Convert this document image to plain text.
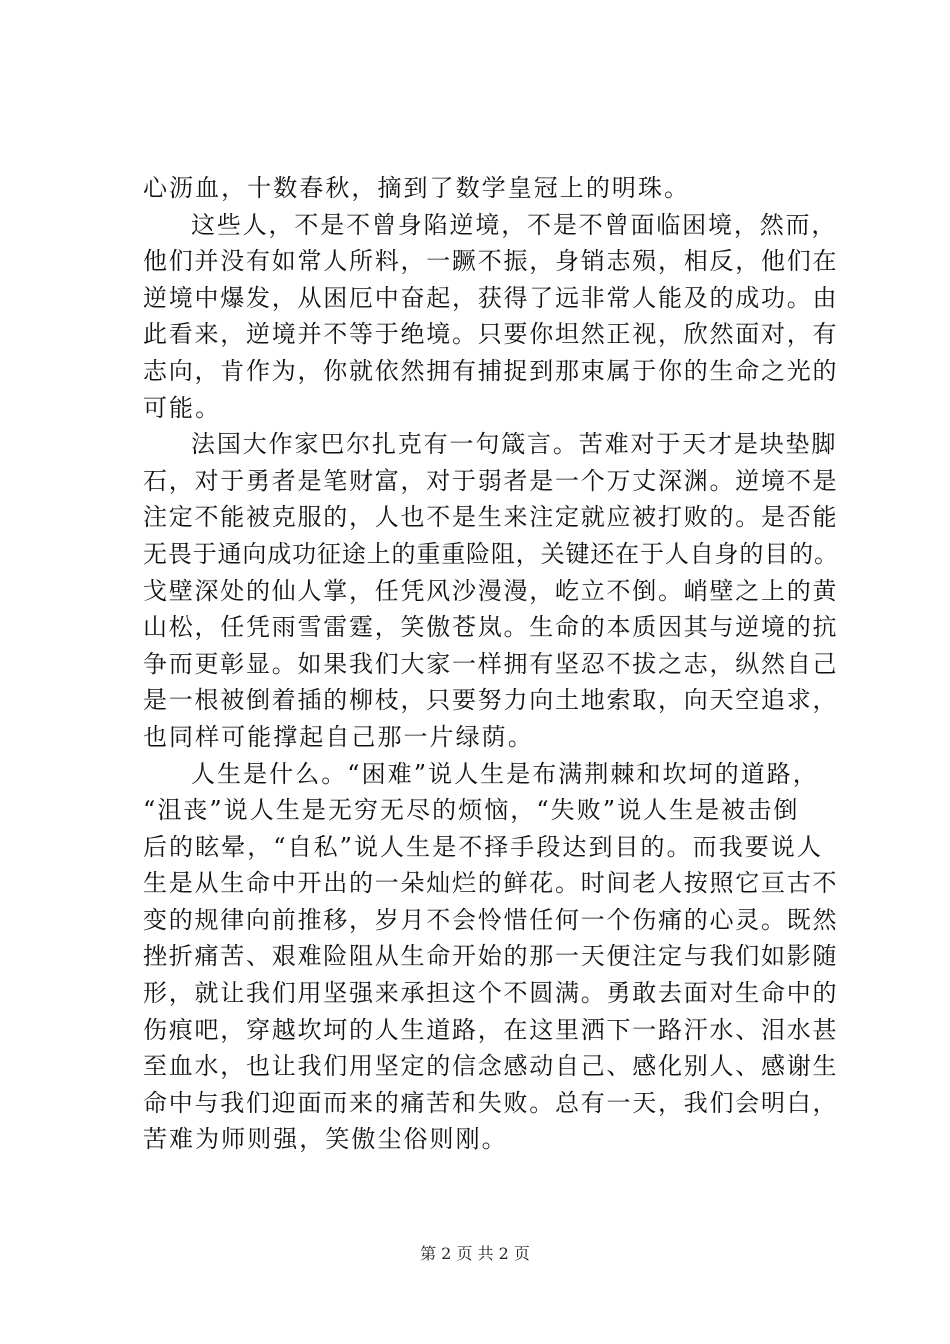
心沥血，十数春秋，摘到了数学皇冠上的明珠。
这些人，不是不曾身陷逆境，不是不曾面临困境，然而，
他们并没有如常人所料，一蹶不振，身销志殒，相反，他们在
逆境中爆发，从困厄中奋起，获得了远非常人能及的成功。由
此看来，逆境并不等于绝境。只要你坦然正视，欣然面对，有
志向，肯作为，你就依然拥有捕捉到那束属于你的生命之光的
可能。
法国大作家巴尔扎克有一句箴言。苦难对于天才是块垫脚
石，对于勇者是笔财富，对于弱者是一个万丈深渊。逆境不是
注定不能被克服的，人也不是生来注定就应被打败的。是否能
无畏于通向成功征途上的重重险阻，关键还在于人自身的目的。
戈壁深处的仙人掌，任凭风沙漫漫，屹立不倒。峭壁之上的黄
山松，任凭雨雪雷霆，笑傲苍岚。生命的本质因其与逆境的抗
争而更彰显。如果我们大家一样拥有坚忍不拔之志，纵然自己
是一根被倒着插的柳枝，只要努力向土地索取，向天空追求，
也同样可能撑起自己那一片绿荫。
人生是什么。“困难”说人生是布满荆棘和坎坷的道路，
“沮丧”说人生是无穷无尽的烦恼，“失败”说人生是被击倒
后的眩晕，“自私”说人生是不择手段达到目的。而我要说人
生是从生命中开出的一朵灿烂的鲜花。时间老人按照它亘古不
变的规律向前推移，岁月不会怜惜任何一个伤痛的心灵。既然
挫折痛苦、艰难险阻从生命开始的那一天便注定与我们如影随
形，就让我们用坚强来承担这个不圆满。勇敢去面对生命中的
伤痕吧，穿越坎坷的人生道路，在这里洒下一路汗水、泪水甚
至血水，也让我们用坚定的信念感动自己、感化别人、感谢生
命中与我们迎面而来的痛苦和失败。总有一天，我们会明白，
苦难为师则强，笑傲尘俗则刚。
第 2 页 共 2 页
